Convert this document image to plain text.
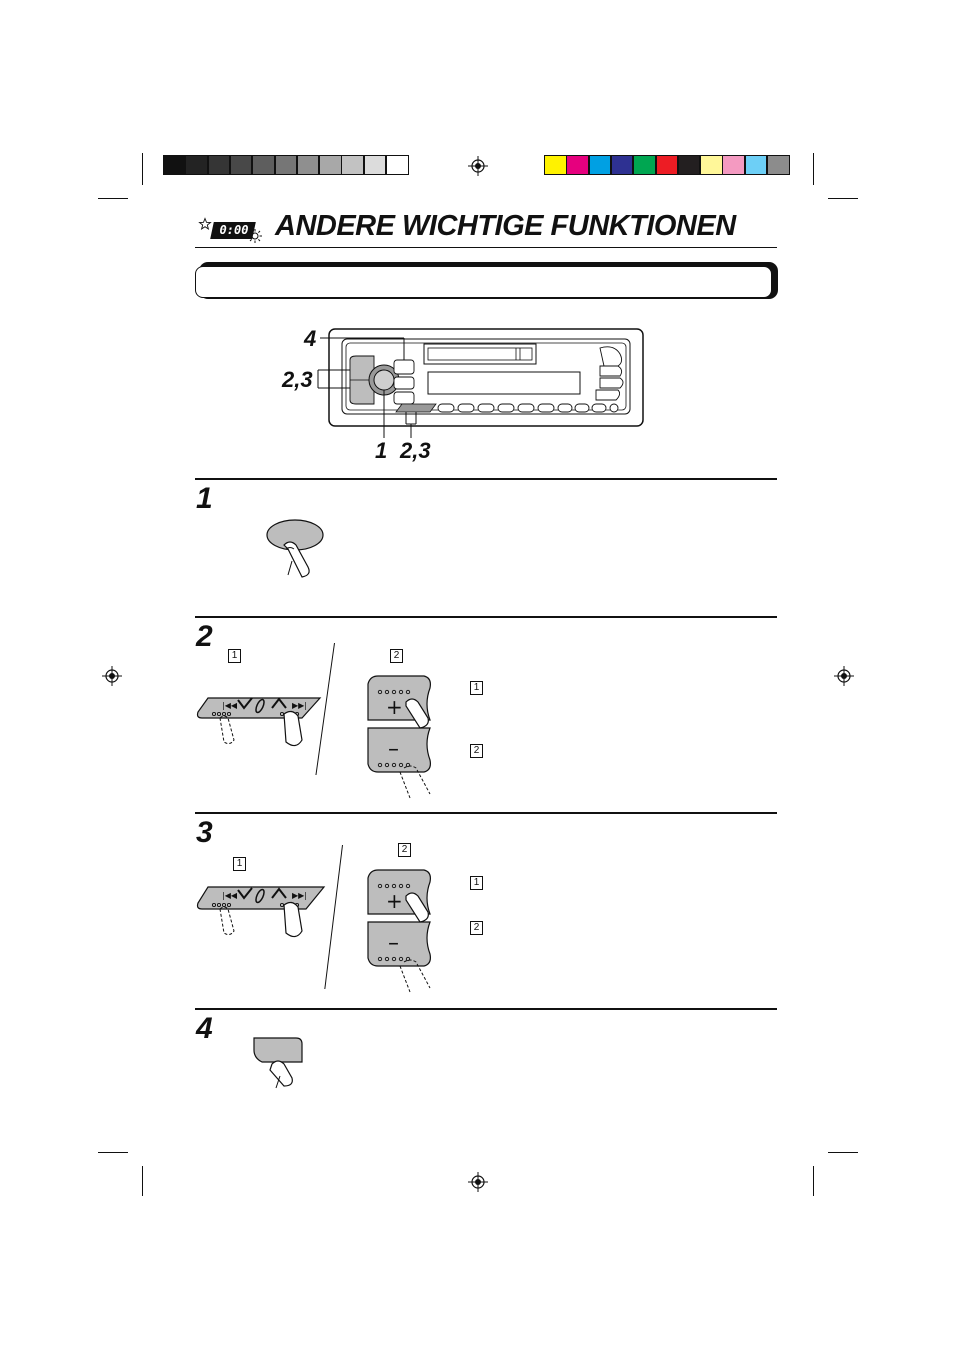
0:00 ANDERE WICHTIGE FUNKTIONEN
4
2,3
1 2,3
1
2
1	2
1
2
|◀◀	▶▶|	+
–
3
1
2
1
2
|◀◀	▶▶|	+
–
4
